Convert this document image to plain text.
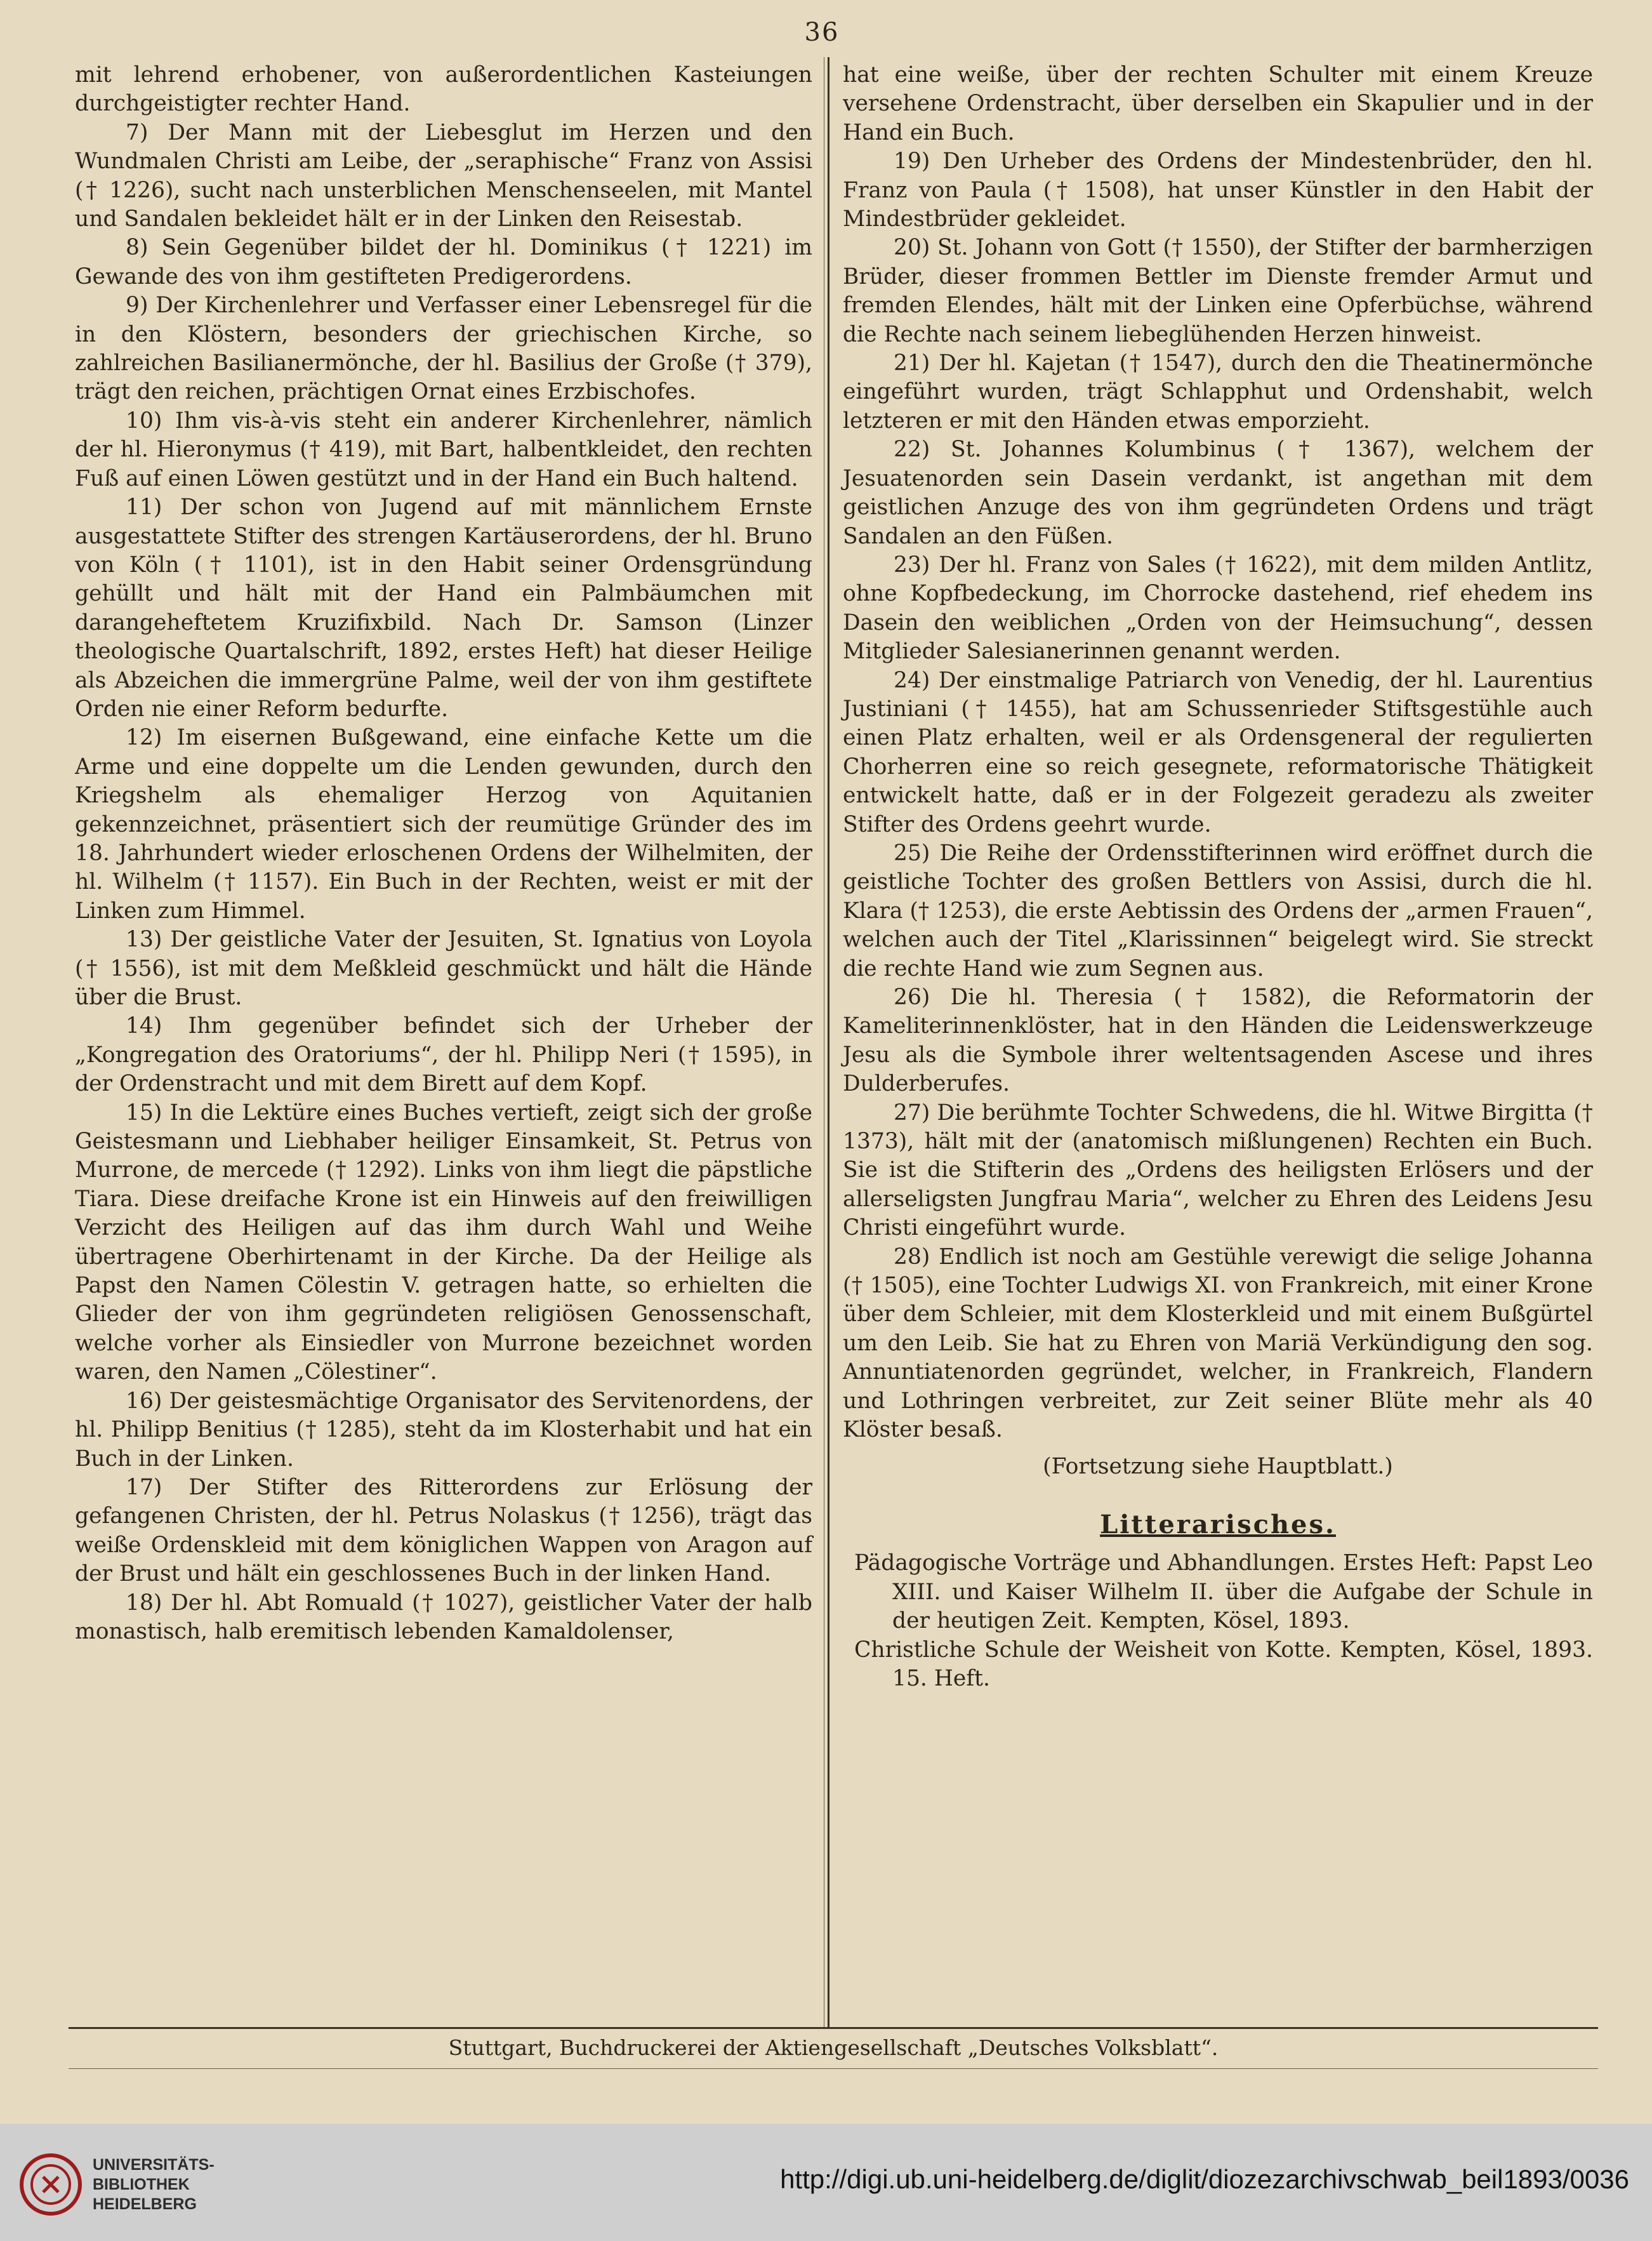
36

mit lehrend erhobener, von außerordentlichen Kasteiungen durchgeistigter rechter Hand.

7) Der Mann mit der Liebesglut im Herzen und den Wundmalen Christi am Leibe, der „seraphische“ Franz von Assisi († 1226), sucht nach unsterblichen Menschenseelen, mit Mantel und Sandalen bekleidet hält er in der Linken den Reisestab.

8) Sein Gegenüber bildet der hl. Dominikus († 1221) im Gewande des von ihm gestifteten Predigerordens.

9) Der Kirchenlehrer und Verfasser einer Lebensregel für die in den Klöstern, besonders der griechischen Kirche, so zahlreichen Basilianermönche, der hl. Basilius der Große († 379), trägt den reichen, prächtigen Ornat eines Erzbischofes.

10) Ihm vis-à-vis steht ein anderer Kirchenlehrer, nämlich der hl. Hieronymus († 419), mit Bart, halbentkleidet, den rechten Fuß auf einen Löwen gestützt und in der Hand ein Buch haltend.

11) Der schon von Jugend auf mit männlichem Ernste ausgestattete Stifter des strengen Kartäuserordens, der hl. Bruno von Köln († 1101), ist in den Habit seiner Ordensgründung gehüllt und hält mit der Hand ein Palmbäumchen mit darangeheftetem Kruzifixbild. Nach Dr. Samson (Linzer theologische Quartalschrift, 1892, erstes Heft) hat dieser Heilige als Abzeichen die immergrüne Palme, weil der von ihm gestiftete Orden nie einer Reform bedurfte.

12) Im eisernen Bußgewand, eine einfache Kette um die Arme und eine doppelte um die Lenden gewunden, durch den Kriegshelm als ehemaliger Herzog von Aquitanien gekennzeichnet, präsentiert sich der reumütige Gründer des im 18. Jahrhundert wieder erloschenen Ordens der Wilhelmiten, der hl. Wilhelm († 1157). Ein Buch in der Rechten, weist er mit der Linken zum Himmel.

13) Der geistliche Vater der Jesuiten, St. Ignatius von Loyola († 1556), ist mit dem Meßkleid geschmückt und hält die Hände über die Brust.

14) Ihm gegenüber befindet sich der Urheber der „Kongregation des Oratoriums“, der hl. Philipp Neri († 1595), in der Ordenstracht und mit dem Birett auf dem Kopf.

15) In die Lektüre eines Buches vertieft, zeigt sich der große Geistesmann und Liebhaber heiliger Einsamkeit, St. Petrus von Murrone, de mercede († 1292). Links von ihm liegt die päpstliche Tiara. Diese dreifache Krone ist ein Hinweis auf den freiwilligen Verzicht des Heiligen auf das ihm durch Wahl und Weihe übertragene Oberhirtenamt in der Kirche. Da der Heilige als Papst den Namen Cölestin V. getragen hatte, so erhielten die Glieder der von ihm gegründeten religiösen Genossenschaft, welche vorher als Einsiedler von Murrone bezeichnet worden waren, den Namen „Cölestiner“.

16) Der geistesmächtige Organisator des Servitenordens, der hl. Philipp Benitius († 1285), steht da im Klosterhabit und hat ein Buch in der Linken.

17) Der Stifter des Ritterordens zur Erlösung der gefangenen Christen, der hl. Petrus Nolaskus († 1256), trägt das weiße Ordenskleid mit dem königlichen Wappen von Aragon auf der Brust und hält ein geschlossenes Buch in der linken Hand.

18) Der hl. Abt Romuald († 1027), geistlicher Vater der halb monastisch, halb eremitisch lebenden Kamaldolenser,

hat eine weiße, über der rechten Schulter mit einem Kreuze versehene Ordenstracht, über derselben ein Skapulier und in der Hand ein Buch.

19) Den Urheber des Ordens der Mindestenbrüder, den hl. Franz von Paula († 1508), hat unser Künstler in den Habit der Mindestbrüder gekleidet.

20) St. Johann von Gott († 1550), der Stifter der barmherzigen Brüder, dieser frommen Bettler im Dienste fremder Armut und fremden Elendes, hält mit der Linken eine Opferbüchse, während die Rechte nach seinem liebeglühenden Herzen hinweist.

21) Der hl. Kajetan († 1547), durch den die Theatinermönche eingeführt wurden, trägt Schlapphut und Ordenshabit, welch letzteren er mit den Händen etwas emporzieht.

22) St. Johannes Kolumbinus († 1367), welchem der Jesuatenorden sein Dasein verdankt, ist angethan mit dem geistlichen Anzuge des von ihm gegründeten Ordens und trägt Sandalen an den Füßen.

23) Der hl. Franz von Sales († 1622), mit dem milden Antlitz, ohne Kopfbedeckung, im Chorrocke dastehend, rief ehedem ins Dasein den weiblichen „Orden von der Heimsuchung“, dessen Mitglieder Salesianerinnen genannt werden.

24) Der einstmalige Patriarch von Venedig, der hl. Laurentius Justiniani († 1455), hat am Schussenrieder Stiftsgestühle auch einen Platz erhalten, weil er als Ordensgeneral der regulierten Chorherren eine so reich gesegnete, reformatorische Thätigkeit entwickelt hatte, daß er in der Folgezeit geradezu als zweiter Stifter des Ordens geehrt wurde.

25) Die Reihe der Ordensstifterinnen wird eröffnet durch die geistliche Tochter des großen Bettlers von Assisi, durch die hl. Klara († 1253), die erste Aebtissin des Ordens der „armen Frauen“, welchen auch der Titel „Klarissinnen“ beigelegt wird. Sie streckt die rechte Hand wie zum Segnen aus.

26) Die hl. Theresia († 1582), die Reformatorin der Kameliterinnenklöster, hat in den Händen die Leidenswerkzeuge Jesu als die Symbole ihrer weltentsagenden Ascese und ihres Dulderberufes.

27) Die berühmte Tochter Schwedens, die hl. Witwe Birgitta († 1373), hält mit der (anatomisch mißlungenen) Rechten ein Buch. Sie ist die Stifterin des „Ordens des heiligsten Erlösers und der allerseligsten Jungfrau Maria“, welcher zu Ehren des Leidens Jesu Christi eingeführt wurde.

28) Endlich ist noch am Gestühle verewigt die selige Johanna († 1505), eine Tochter Ludwigs XI. von Frankreich, mit einer Krone über dem Schleier, mit dem Klosterkleid und mit einem Bußgürtel um den Leib. Sie hat zu Ehren von Mariä Verkündigung den sog. Annuntiatenorden gegründet, welcher, in Frankreich, Flandern und Lothringen verbreitet, zur Zeit seiner Blüte mehr als 40 Klöster besaß.

(Fortsetzung siehe Hauptblatt.)

Litterarisches.

Pädagogische Vorträge und Abhandlungen. Erstes Heft: Papst Leo XIII. und Kaiser Wilhelm II. über die Aufgabe der Schule in der heutigen Zeit. Kempten, Kösel, 1893.

Christliche Schule der Weisheit von Kotte. Kempten, Kösel, 1893. 15. Heft.

Stuttgart, Buchdruckerei der Aktiengesellschaft „Deutsches Volksblatt“.
UNIVERSITÄTS-
BIBLIOTHEK
HEIDELBERG
http://digi.ub.uni-heidelberg.de/diglit/diozezarchivschwab_beil1893/0036
